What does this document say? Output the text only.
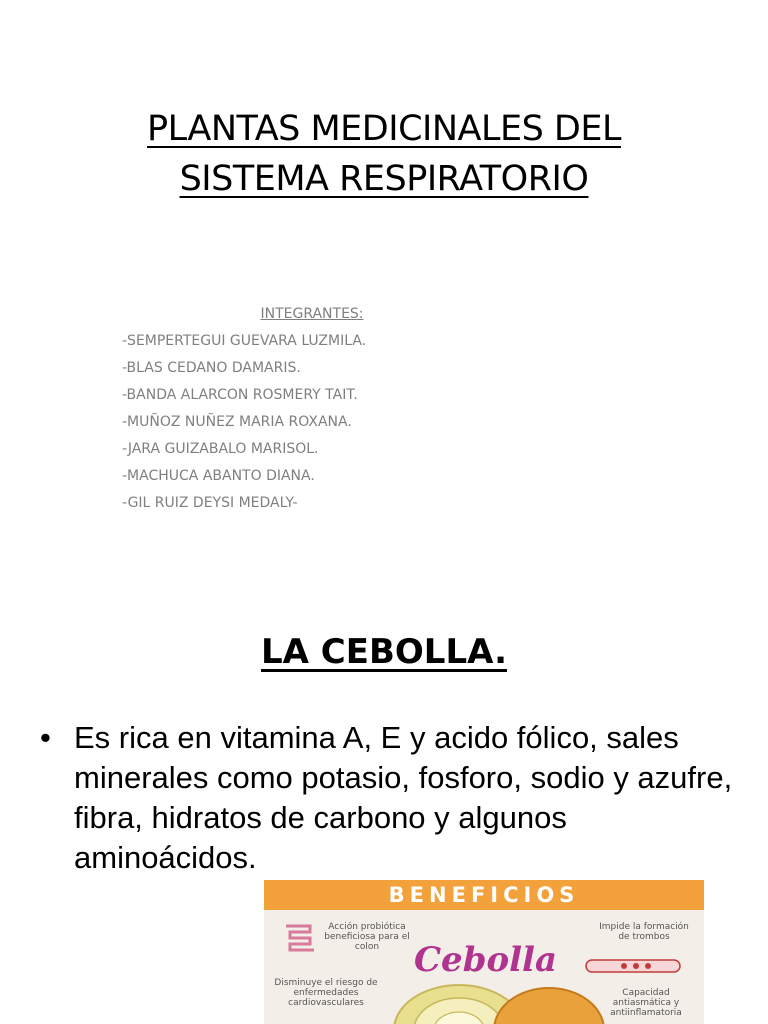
PLANTAS MEDICINALES DEL
SISTEMA RESPIRATORIO
INTEGRANTES:
-SEMPERTEGUI GUEVARA LUZMILA.
-BLAS CEDANO DAMARIS.
-BANDA ALARCON ROSMERY TAIT.
-MUÑOZ NUÑEZ MARIA ROXANA.
-JARA GUIZABALO MARISOL.
-MACHUCA ABANTO DIANA.
-GIL RUIZ DEYSI MEDALY-
LA CEBOLLA.
• Es rica en vitamina A, E y acido fólico, sales minerales como potasio, fosforo, sodio y azufre, fibra, hidratos de carbono y algunos aminoácidos.
BENEFICIOS
Acción probiótica beneficiosa para el colon
Impide la formación de trombos
Cebolla
Disminuye el riesgo de enfermedades cardiovasculares
Capacidad antiasmática y antiinflamatoria
